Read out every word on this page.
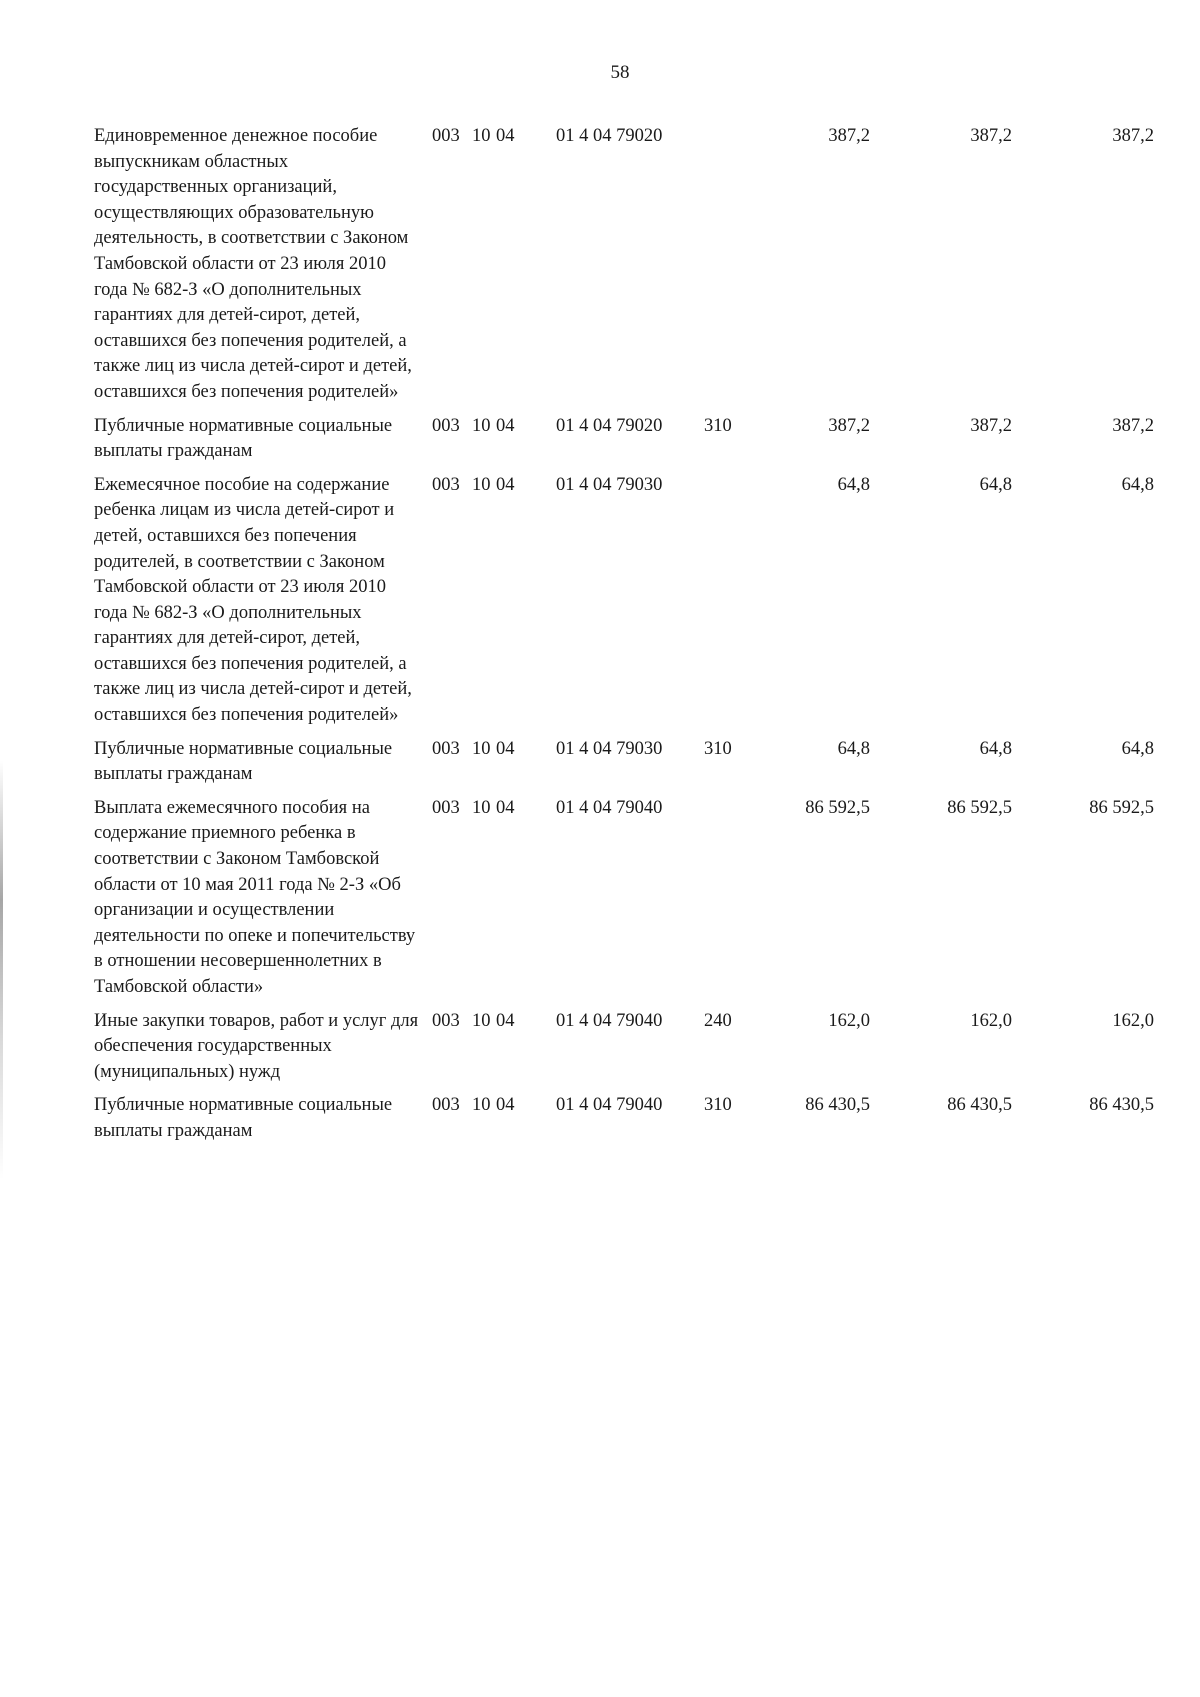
58
Единовременное денежное пособие выпускникам областных государственных организаций, осуществляющих образовательную деятельность, в соответствии с Законом Тамбовской области от 23 июля 2010 года № 682-З «О дополнительных гарантиях для детей-сирот, детей, оставшихся без попечения родителей, а также лиц из числа детей-сирот и детей, оставшихся без попечения родителей»	003	10	04	01 4 04 79020		387,2	387,2	387,2
Публичные нормативные социальные выплаты гражданам	003	10	04	01 4 04 79020	310	387,2	387,2	387,2
Ежемесячное пособие на содержание ребенка лицам из числа детей-сирот и детей, оставшихся без попечения родителей, в соответствии с Законом Тамбовской области от 23 июля 2010 года № 682-З «О дополнительных гарантиях для детей-сирот, детей, оставшихся без попечения родителей, а также лиц из числа детей-сирот и детей, оставшихся без попечения родителей»	003	10	04	01 4 04 79030		64,8	64,8	64,8
Публичные нормативные социальные выплаты гражданам	003	10	04	01 4 04 79030	310	64,8	64,8	64,8
Выплата ежемесячного пособия на содержание приемного ребенка в соответствии с Законом Тамбовской области от 10 мая 2011 года № 2-З «Об организации и осуществлении деятельности по опеке и попечительству в отношении несовершеннолетних в Тамбовской области»	003	10	04	01 4 04 79040		86 592,5	86 592,5	86 592,5
Иные закупки товаров, работ и услуг для обеспечения государственных (муниципальных) нужд	003	10	04	01 4 04 79040	240	162,0	162,0	162,0
Публичные нормативные социальные выплаты гражданам	003	10	04	01 4 04 79040	310	86 430,5	86 430,5	86 430,5
